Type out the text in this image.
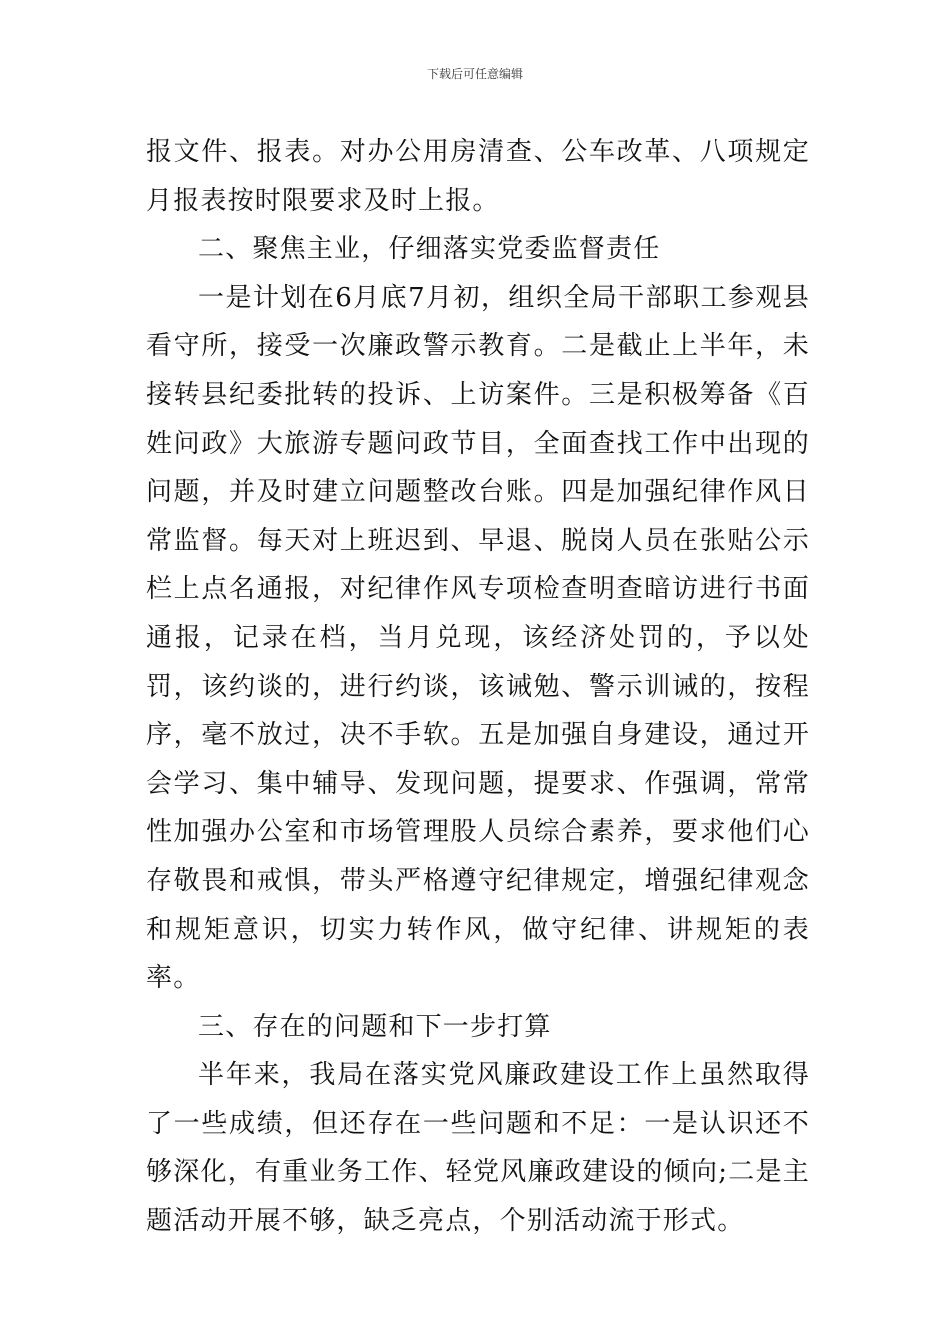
下载后可任意编辑

报文件、报表。对办公用房清查、公车改革、八项规定月报表按时限要求及时上报。

二、聚焦主业，仔细落实党委监督责任

一是计划在6月底7月初，组织全局干部职工参观县看守所，接受一次廉政警示教育。二是截止上半年，未接转县纪委批转的投诉、上访案件。三是积极筹备《百姓问政》大旅游专题问政节目，全面查找工作中出现的问题，并及时建立问题整改台账。四是加强纪律作风日常监督。每天对上班迟到、早退、脱岗人员在张贴公示栏上点名通报，对纪律作风专项检查明查暗访进行书面通报，记录在档，当月兑现，该经济处罚的，予以处罚，该约谈的，进行约谈，该诫勉、警示训诫的，按程序，毫不放过，决不手软。五是加强自身建设，通过开会学习、集中辅导、发现问题，提要求、作强调，常常性加强办公室和市场管理股人员综合素养，要求他们心存敬畏和戒惧，带头严格遵守纪律规定，增强纪律观念和规矩意识，切实力转作风，做守纪律、讲规矩的表率。

三、存在的问题和下一步打算

半年来，我局在落实党风廉政建设工作上虽然取得了一些成绩，但还存在一些问题和不足：一是认识还不够深化，有重业务工作、轻党风廉政建设的倾向;二是主题活动开展不够，缺乏亮点，个别活动流于形式。
